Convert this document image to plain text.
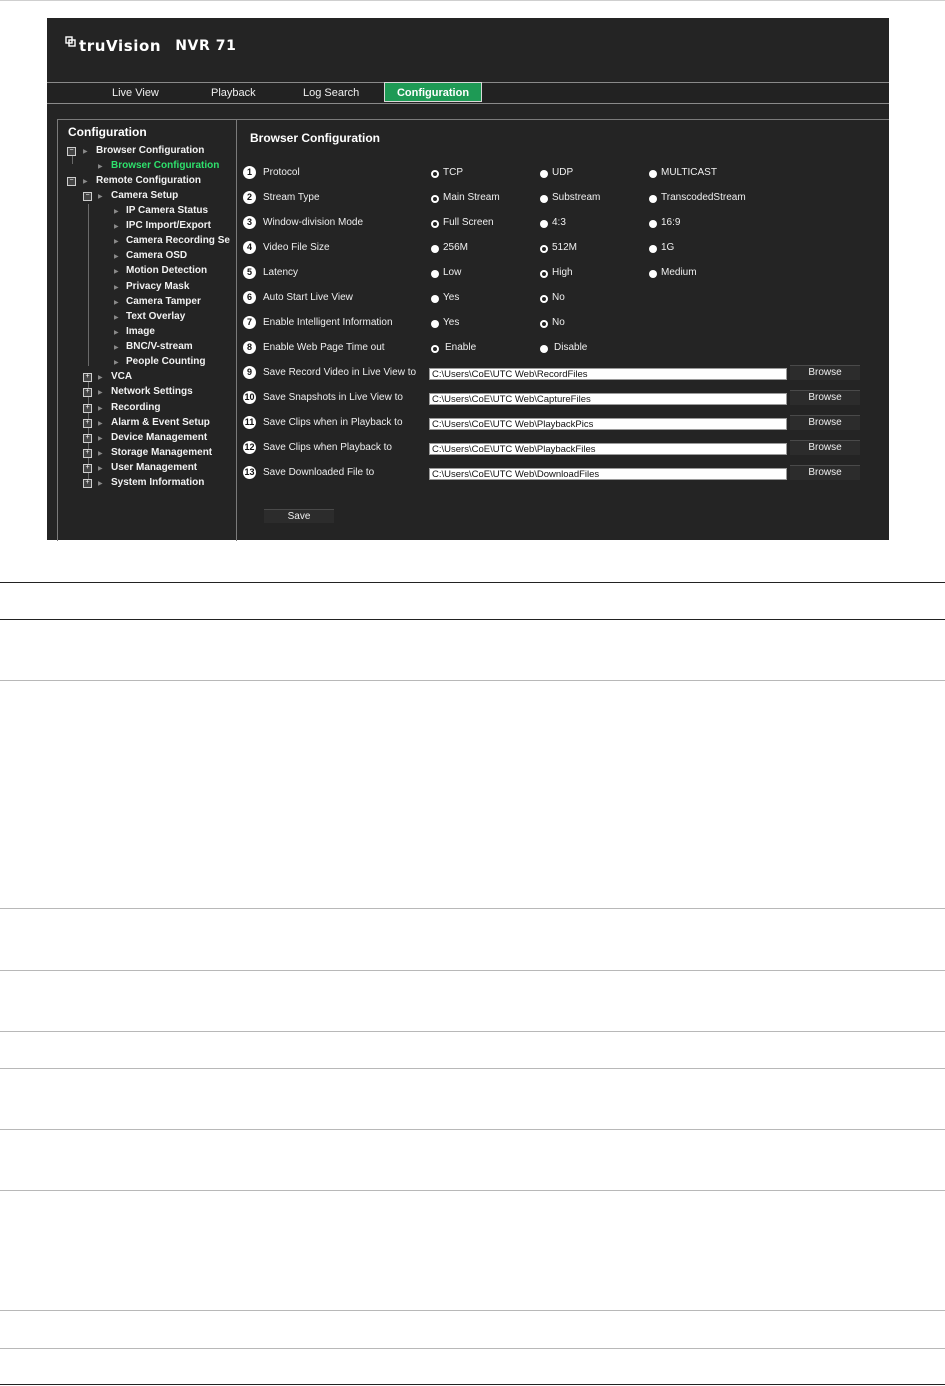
truVision NVR 71
Live View	Playback	Log Search	Configuration
Configuration
−	▶ Browser Configuration
▶ Browser Configuration
−	▶ Remote Configuration
−	▶ Camera Setup
▶ IP Camera Status
▶ IPC Import/Export
▶ Camera Recording Se
▶ Camera OSD
▶ Motion Detection
▶ Privacy Mask
▶ Camera Tamper
▶ Text Overlay
▶ Image
▶ BNC/V-stream
▶ People Counting
+	▶ VCA
+	▶ Network Settings
+	▶ Recording
+	▶ Alarm & Event Setup
+	▶ Device Management
+	▶ Storage Management
+	▶ User Management
+	▶ System Information
Browser Configuration
1	Protocol	TCP	UDP	MULTICAST
2	Stream Type	Main Stream	Substream	TranscodedStream
3	Window-division Mode	Full Screen	4:3	16:9
4	Video File Size	256M	512M	1G
5	Latency	Low	High	Medium
6	Auto Start Live View	Yes	No
7	Enable Intelligent Information	Yes	No
8	Enable Web Page Time out	Enable	Disable
9	Save Record Video in Live View to	C:\Users\CoE\UTC Web\RecordFiles	Browse
10 Save Snapshots in Live View to	C:\Users\CoE\UTC Web\CaptureFiles	Browse
11 Save Clips when in Playback to	C:\Users\CoE\UTC Web\PlaybackPics	Browse
12 Save Clips when Playback to	C:\Users\CoE\UTC Web\PlaybackFiles	Browse
13 Save Downloaded File to	C:\Users\CoE\UTC Web\DownloadFiles	Browse
Save
